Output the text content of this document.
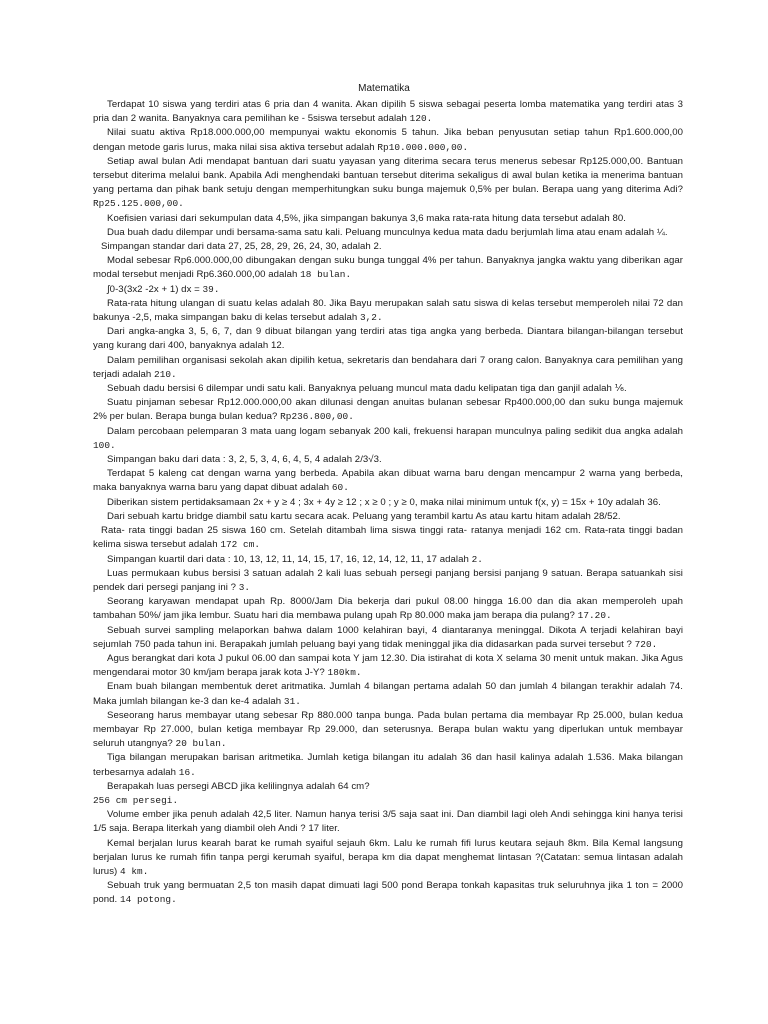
Matematika

Terdapat 10 siswa yang terdiri atas 6 pria dan 4 wanita. Akan dipilih 5 siswa sebagai peserta lomba matematika yang terdiri atas 3 pria dan 2 wanita. Banyaknya cara pemilihan ke - 5siswa tersebut adalah 120.

Nilai suatu aktiva Rp18.000.000,00 mempunyai waktu ekonomis 5 tahun. Jika beban penyusutan setiap tahun Rp1.600.000,00 dengan metode garis lurus, maka nilai sisa aktiva tersebut adalah Rp10.000.000,00.

Setiap awal bulan Adi mendapat bantuan dari suatu yayasan yang diterima secara terus menerus sebesar Rp125.000,00. Bantuan tersebut diterima melalui bank. Apabila Adi menghendaki bantuan tersebut diterima sekaligus di awal bulan ketika ia menerima bantuan yang pertama dan pihak bank setuju dengan memperhitungkan suku bunga majemuk 0,5% per bulan. Berapa uang yang diterima Adi? Rp25.125.000,00.

Koefisien variasi dari sekumpulan data 4,5%, jika simpangan bakunya 3,6 maka rata-rata hitung data tersebut adalah 80.

Dua buah dadu dilempar undi bersama-sama satu kali. Peluang munculnya kedua mata dadu berjumlah lima atau enam adalah ¼.

Simpangan standar dari data 27, 25, 28, 29, 26, 24, 30, adalah 2.

Modal sebesar Rp6.000.000,00 dibungakan dengan suku bunga tunggal 4% per tahun. Banyaknya jangka waktu yang diberikan agar modal tersebut menjadi Rp6.360.000,00 adalah 18 bulan.

∫0-3(3x2 -2x + 1) dx = 39.

Rata-rata hitung ulangan di suatu kelas adalah 80. Jika Bayu merupakan salah satu siswa di kelas tersebut memperoleh nilai 72 dan bakunya -2,5, maka simpangan baku di kelas tersebut adalah 3,2.

Dari angka-angka 3, 5, 6, 7, dan 9 dibuat bilangan yang terdiri atas tiga angka yang berbeda. Diantara bilangan-bilangan tersebut yang kurang dari 400, banyaknya adalah 12.

Dalam pemilihan organisasi sekolah akan dipilih ketua, sekretaris dan bendahara dari 7 orang calon. Banyaknya cara pemilihan yang terjadi adalah 210.

Sebuah dadu bersisi 6 dilempar undi satu kali. Banyaknya peluang muncul mata dadu kelipatan tiga dan ganjil adalah ⅙.

Suatu pinjaman sebesar Rp12.000.000,00 akan dilunasi dengan anuitas bulanan sebesar Rp400.000,00 dan suku bunga majemuk 2% per bulan. Berapa bunga bulan kedua? Rp236.800,00.

Dalam percobaan pelemparan 3 mata uang logam sebanyak 200 kali, frekuensi harapan munculnya paling sedikit dua angka adalah 100.

Simpangan baku dari data : 3, 2, 5, 3, 4, 6, 4, 5, 4 adalah 2/3√3.

Terdapat 5 kaleng cat dengan warna yang berbeda. Apabila akan dibuat warna baru dengan mencampur 2 warna yang berbeda, maka banyaknya warna baru yang dapat dibuat adalah 60.

Diberikan sistem pertidaksamaan 2x + y ≥ 4 ; 3x + 4y ≥ 12 ; x ≥ 0 ; y ≥ 0, maka nilai minimum untuk f(x, y) = 15x + 10y adalah 36.

Dari sebuah kartu bridge diambil satu kartu secara acak. Peluang yang terambil kartu As atau kartu hitam adalah 28/52.

Rata- rata tinggi badan 25 siswa 160 cm. Setelah ditambah lima siswa tinggi rata- ratanya menjadi 162 cm. Rata-rata tinggi badan kelima siswa tersebut adalah 172 cm.

Simpangan kuartil dari data : 10, 13, 12, 11, 14, 15, 17, 16, 12, 14, 12, 11, 17 adalah 2.

Luas permukaan kubus bersisi 3 satuan adalah 2 kali luas sebuah persegi panjang bersisi panjang 9 satuan. Berapa satuankah sisi pendek dari persegi panjang ini ? 3.

Seorang karyawan mendapat upah Rp. 8000/Jam Dia bekerja dari pukul 08.00 hingga 16.00 dan dia akan memperoleh upah tambahan 50%/ jam jika lembur. Suatu hari dia membawa pulang upah Rp 80.000 maka jam berapa dia pulang? 17.20.

Sebuah survei sampling melaporkan bahwa dalam 1000 kelahiran bayi, 4 diantaranya meninggal. Dikota A terjadi kelahiran bayi sejumlah 750 pada tahun ini. Berapakah jumlah peluang bayi yang tidak meninggal jika dia didasarkan pada survei tersebut ? 720.

Agus berangkat dari kota J pukul 06.00 dan sampai kota Y jam 12.30. Dia istirahat di kota X selama 30 menit untuk makan. Jika Agus mengendarai motor 30 km/jam berapa jarak kota J-Y? 180km.

Enam buah bilangan membentuk deret aritmatika. Jumlah 4 bilangan pertama adalah 50 dan jumlah 4 bilangan terakhir adalah 74. Maka jumlah bilangan ke-3 dan ke-4 adalah 31.

Seseorang harus membayar utang sebesar Rp 880.000 tanpa bunga. Pada bulan pertama dia membayar Rp 25.000, bulan kedua membayar Rp 27.000, bulan ketiga membayar Rp 29.000, dan seterusnya. Berapa bulan waktu yang diperlukan untuk membayar seluruh utangnya? 20 bulan.

Tiga bilangan merupakan barisan aritmetika. Jumlah ketiga bilangan itu adalah 36 dan hasil kalinya adalah 1.536. Maka bilangan terbesarnya adalah 16.

Berapakah luas persegi ABCD jika kelilingnya adalah 64 cm?

256 cm persegi.

Volume ember jika penuh adalah 42,5 liter. Namun hanya terisi 3/5 saja saat ini. Dan diambil lagi oleh Andi sehingga kini hanya terisi 1/5 saja. Berapa literkah yang diambil oleh Andi ? 17 liter.

Kemal berjalan lurus kearah barat ke rumah syaiful sejauh 6km. Lalu ke rumah fifi lurus keutara sejauh 8km. Bila Kemal langsung berjalan lurus ke rumah fifin tanpa pergi kerumah syaiful, berapa km dia dapat menghemat lintasan ?(Catatan: semua lintasan adalah lurus) 4 km.

Sebuah truk yang bermuatan 2,5 ton masih dapat dimuati lagi 500 pond Berapa tonkah kapasitas truk seluruhnya jika 1 ton = 2000 pond. 14 potong.
